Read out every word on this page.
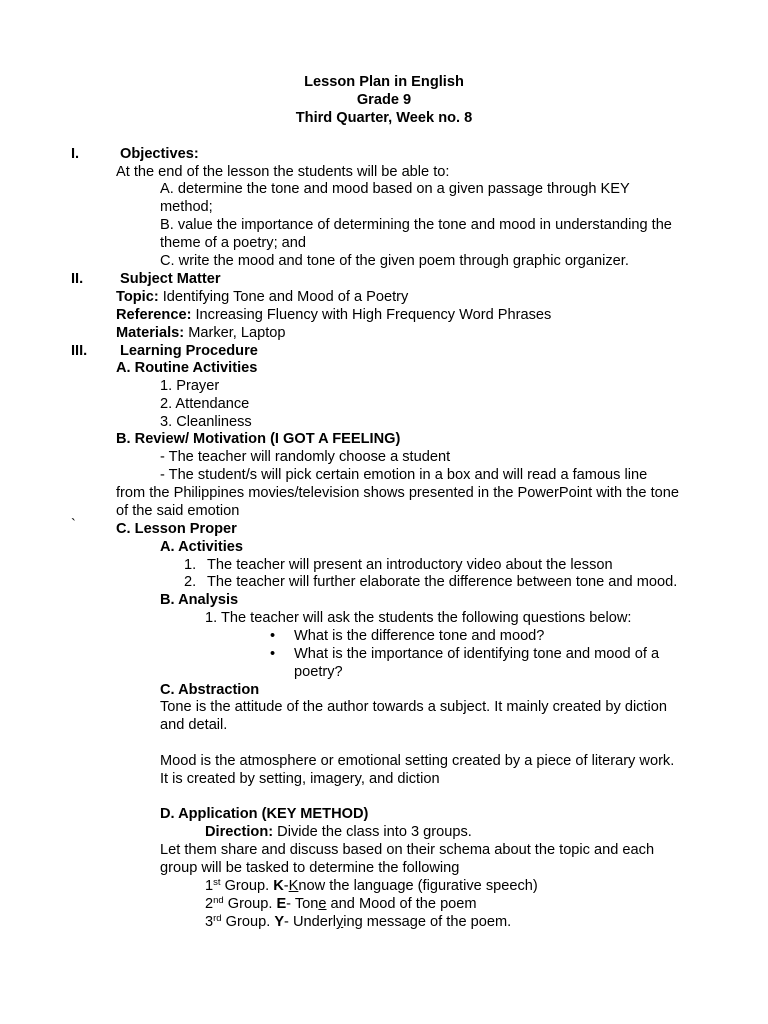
Lesson Plan in English
Grade 9
Third Quarter, Week no. 8
I.	Objectives:
At the end of the lesson the students will be able to:
A. determine the tone and mood based on a given passage through KEY
method;
B. value the importance of determining the tone and mood in understanding the
theme of a poetry; and
C. write the mood and tone of the given poem through graphic organizer.
II.	Subject Matter
Topic: Identifying Tone and Mood of a Poetry
Reference: Increasing Fluency with High Frequency Word Phrases
Materials: Marker, Laptop
III. Learning Procedure
A. Routine Activities
1. Prayer
2. Attendance
3. Cleanliness
B. Review/ Motivation (I GOT A FEELING)
- The teacher will randomly choose a student
- The student/s will pick certain emotion in a box and will read a famous line
from the Philippines movies/television shows presented in the PowerPoint with the tone
of the said emotion
`	C. Lesson Proper
A. Activities
1. The teacher will present an introductory video about the lesson
2. The teacher will further elaborate the difference between tone and mood.
B. Analysis
1. The teacher will ask the students the following questions below:
• What is the difference tone and mood?
• What is the importance of identifying tone and mood of a
poetry?
C. Abstraction
Tone is the attitude of the author towards a subject. It mainly created by diction
and detail.
Mood is the atmosphere or emotional setting created by a piece of literary work.
It is created by setting, imagery, and diction
D. Application (KEY METHOD)
Direction: Divide the class into 3 groups.
Let them share and discuss based on their schema about the topic and each
group will be tasked to determine the following
1st Group. K-Know the language (figurative speech)
2nd Group. E- Tone and Mood of the poem
3rd Group. Y- Underlying message of the poem.
